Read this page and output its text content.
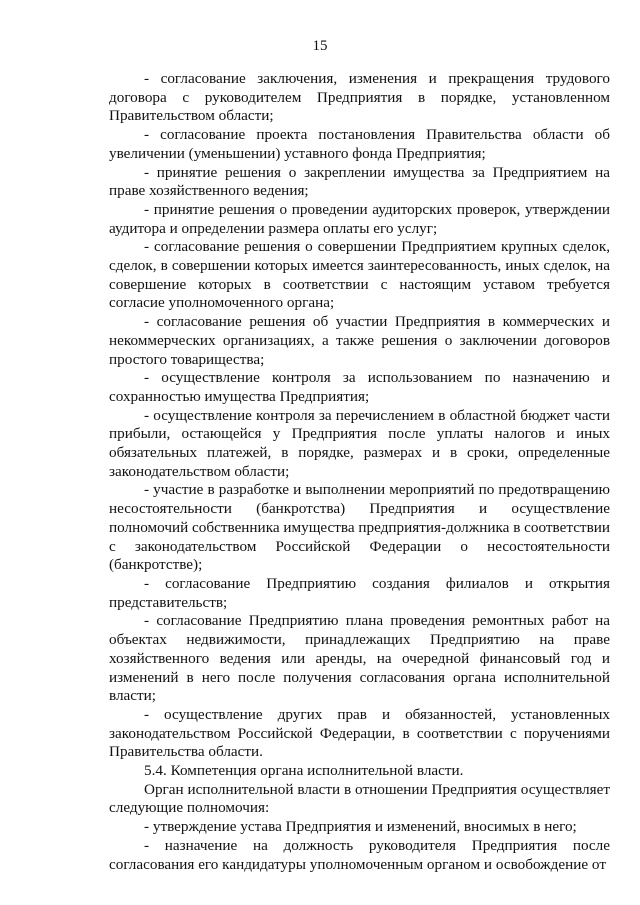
15

- согласование заключения, изменения и прекращения трудового договора с руководителем Предприятия в порядке, установленном Правительством области;

- согласование проекта постановления Правительства области об увеличении (уменьшении) уставного фонда Предприятия;

- принятие решения о закреплении имущества за Предприятием на праве хозяйственного ведения;

- принятие решения о проведении аудиторских проверок, утверждении аудитора и определении размера оплаты его услуг;

- согласование решения о совершении Предприятием крупных сделок, сделок, в совершении которых имеется заинтересованность, иных сделок, на совершение которых в соответствии с настоящим уставом требуется согласие уполномоченного органа;

- согласование решения об участии Предприятия в коммерческих и некоммерческих организациях, а также решения о заключении договоров простого товарищества;

- осуществление контроля за использованием по назначению и сохранностью имущества Предприятия;

- осуществление контроля за перечислением в областной бюджет части прибыли, остающейся у Предприятия после уплаты налогов и иных обязательных платежей, в порядке, размерах и в сроки, определенные законодательством области;

- участие в разработке и выполнении мероприятий по предотвращению несостоятельности (банкротства) Предприятия и осуществление полномочий собственника имущества предприятия-должника в соответствии с законодательством Российской Федерации о несостоятельности (банкротстве);

- согласование Предприятию создания филиалов и открытия представительств;

- согласование Предприятию плана проведения ремонтных работ на объектах недвижимости, принадлежащих Предприятию на праве хозяйственного ведения или аренды, на очередной финансовый год и изменений в него после получения согласования органа исполнительной власти;

- осуществление других прав и обязанностей, установленных законодательством Российской Федерации, в соответствии с поручениями Правительства области.

5.4. Компетенция органа исполнительной власти.

Орган исполнительной власти в отношении Предприятия осуществляет следующие полномочия:

- утверждение устава Предприятия и изменений, вносимых в него;

- назначение на должность руководителя Предприятия после согласования его кандидатуры уполномоченным органом и освобождение от
